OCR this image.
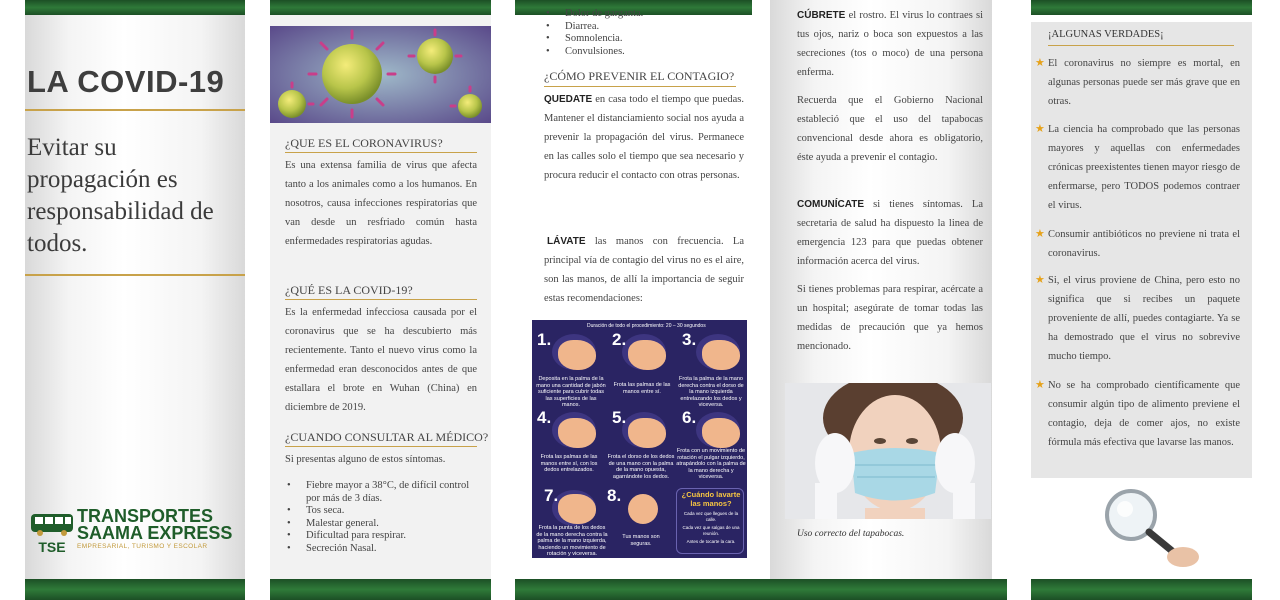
LA COVID-19
Evitar su propagación es responsabilidad de todos.
TSE
TRANSPORTES
SAAMA EXPRESS
EMPRESARIAL, TURISMO Y ESCOLAR
¿QUE ES EL CORONAVIRUS?
Es una extensa familia de virus que afecta tanto a los animales como a los humanos. En nosotros, causa infecciones respiratorias que van desde un resfriado común hasta enfermedades respiratorias agudas.
¿QUÉ ES LA COVID-19?
Es la enfermedad infecciosa causada por el coronavirus que se ha descubierto más recientemente. Tanto el nuevo virus como la enfermedad eran desconocidos antes de que estallara el brote en Wuhan (China) en diciembre de 2019.
¿CUANDO CONSULTAR AL MÉDICO?
Si presentas alguno de estos síntomas.
• Fiebre mayor a 38°C, de difícil control por más de 3 días.
• Tos seca.
• Malestar general.
• Dificultad para respirar.
• Secreción Nasal.
• Dolor de garganta.
• Diarrea.
• Somnolencia.
• Convulsiones.
¿CÓMO PREVENIR EL CONTAGIO?
QUEDATE en casa todo el tiempo que puedas. Mantener el distanciamiento social nos ayuda a prevenir la propagación del virus. Permanece en las calles solo el tiempo que sea necesario y procura reducir el contacto con otras personas.
LÁVATE las manos con frecuencia. La principal vía de contagio del virus no es el aire, son las manos, de allí la importancia de seguir estas recomendaciones:
Duración de todo el procedimiento: 20 – 30 segundos
1.
Deposita en la palma de la mano una cantidad de jabón suficiente para cubrir todas las superficies de las manos.
2.
Frota las palmas de las manos entre sí.
3.
Frota la palma de la mano derecha contra el dorso de la mano izquierda entrelazando los dedos y viceversa.
4.
Frota las palmas de las manos entre sí, con los dedos entrelazados.
5.
Frota el dorso de los dedos de una mano con la palma de la mano opuesta, agarrándote los dedos.
6.
Frota con un movimiento de rotación el pulgar izquierdo, atrapándolo con la palma de la mano derecha y viceversa.
7.
Frota la punta de los dedos de la mano derecha contra la palma de la mano izquierda, haciendo un movimiento de rotación y viceversa.
8.
Tus manos son seguras.
¿Cuándo lavarte las manos?
Cada vez que llegues de la calle.
Cada vez que salgas de una reunión.
Antes de tocarte la cara.
CÚBRETE el rostro. El virus lo contraes si tus ojos, nariz o boca son expuestos a las secreciones (tos o moco) de una persona enferma.
Recuerda que el Gobierno Nacional estableció que el uso del tapabocas convencional desde ahora es obligatorio, éste ayuda a prevenir el contagio.
COMUNÍCATE si tienes síntomas. La secretaria de salud ha dispuesto la linea de emergencia 123 para que puedas obtener información acerca del virus.
Si tienes problemas para respirar, acércate a un hospital; asegúrate de tomar todas las medidas de precaución que ya hemos mencionado.
Uso correcto del tapabocas.
¡ALGUNAS VERDADES¡
★ El coronavirus no siempre es mortal, en algunas personas puede ser más grave que en otras.
★ La ciencia ha comprobado que las personas mayores y aquellas con enfermedades crónicas preexistentes tienen mayor riesgo de enfermarse, pero TODOS podemos contraer el virus.
★ Consumir antibióticos no previene ni trata el coronavirus.
★ Si, el virus proviene de China, pero esto no significa que si recibes un paquete proveniente de allí, puedes contagiarte. Ya se ha demostrado que el virus no sobrevive mucho tiempo.
★ No se ha comprobado científicamente que consumir algún tipo de alimento previene el contagio, deja de comer ajos, no existe fórmula más efectiva que lavarse las manos.
